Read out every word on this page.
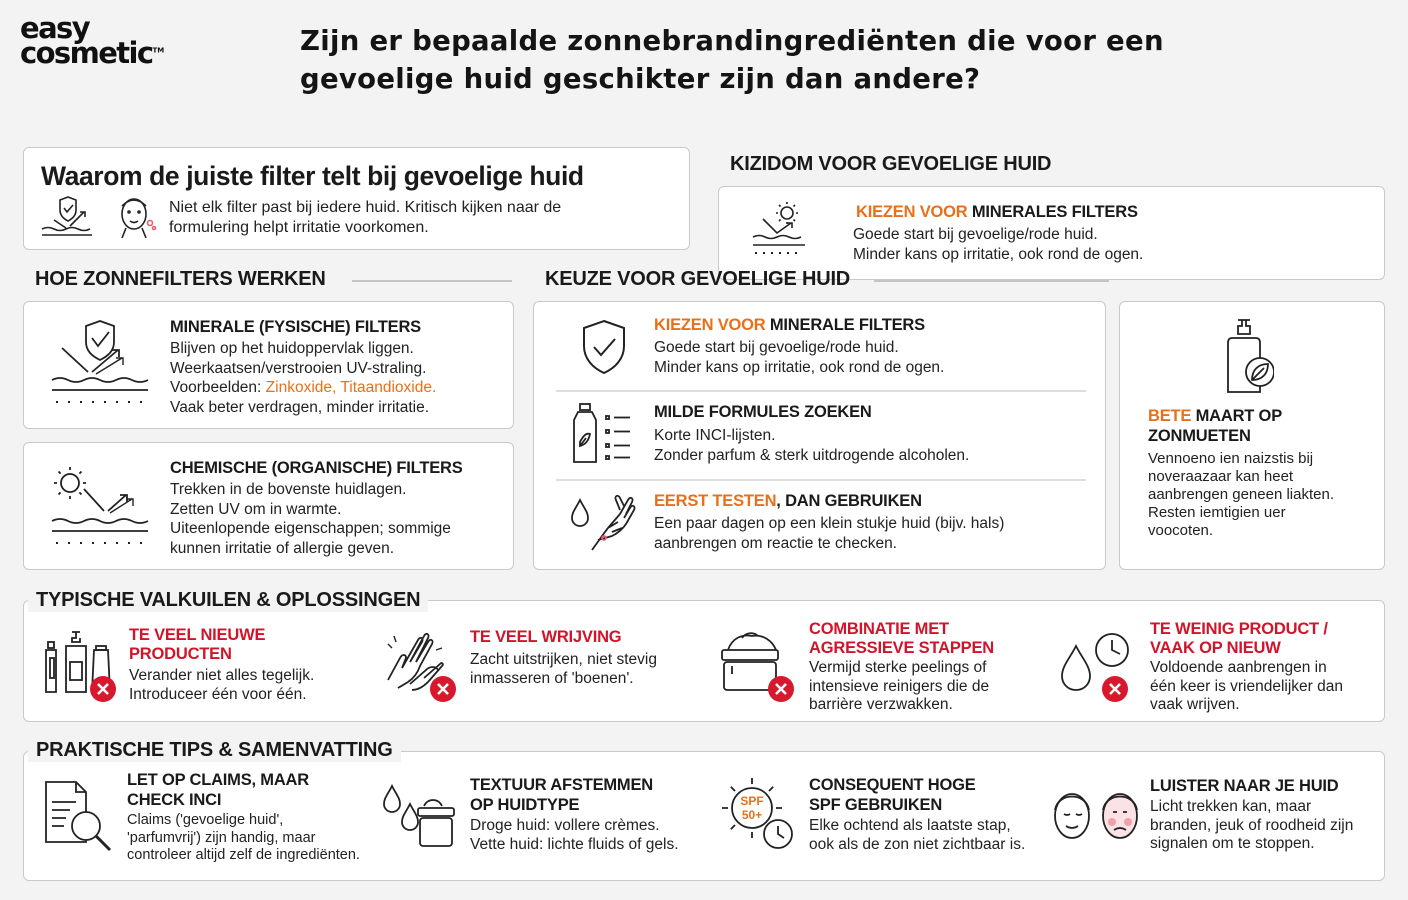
easy
cosmetic™	Zijn er bepaalde zonnebrandingrediënten die voor een
gevoelige huid geschikter zijn dan andere?
Waarom de juiste filter telt bij gevoelige huid
Niet elk filter past bij iedere huid. Kritisch kijken naar de
formulering helpt irritatie voorkomen.
KIZIDOM VOOR GEVOELIGE HUID
KIEZEN VOOR MINERALES FILTERS
Goede start bij gevoelige/rode huid.
Minder kans op irritatie, ook rond de ogen.
HOE ZONNEFILTERS WERKEN
MINERALE (FYSISCHE) FILTERS
Blijven op het huidoppervlak liggen.
Weerkaatsen/verstrooien UV-straling.
Voorbeelden: Zinkoxide, Titaandioxide.
Vaak beter verdragen, minder irritatie.
CHEMISCHE (ORGANISCHE) FILTERS
Trekken in de bovenste huidlagen.
Zetten UV om in warmte.
Uiteenlopende eigenschappen; sommige
kunnen irritatie of allergie geven.
KEUZE VOOR GEVOELIGE HUID
KIEZEN VOOR MINERALE FILTERS
Goede start bij gevoelige/rode huid.
Minder kans op irritatie, ook rond de ogen.
MILDE FORMULES ZOEKEN
Korte INCI-lijsten.
Zonder parfum & sterk uitdrogende alcoholen.
EERST TESTEN, DAN GEBRUIKEN
Een paar dagen op een klein stukje huid (bijv. hals)
aanbrengen om reactie te checken.
BETE MAART OP
ZONMUETEN
Vennoeno ien naizstis bij
noveraazaar kan heet
aanbrengen geneen liakten.
Resten iemtigien uer
voocoten.
TYPISCHE VALKUILEN & OPLOSSINGEN
TE VEEL NIEUWE
PRODUCTEN
Verander niet alles tegelijk.
Introduceer één voor één.
TE VEEL WRIJVING
Zacht uitstrijken, niet stevig
inmasseren of 'boenen'.
COMBINATIE MET
AGRESSIEVE STAPPEN
Vermijd sterke peelings of
intensieve reinigers die de
barrière verzwakken.
TE WEINIG PRODUCT /
VAAK OP NIEUW
Voldoende aanbrengen in
één keer is vriendelijker dan
vaak wrijven.
PRAKTISCHE TIPS & SAMENVATTING
LET OP CLAIMS, MAAR
CHECK INCI
Claims ('gevoelige huid',
'parfumvrij') zijn handig, maar
controleer altijd zelf de ingrediënten.
TEXTUUR AFSTEMMEN
OP HUIDTYPE
Droge huid: vollere crèmes.
Vette huid: lichte fluids of gels.
SPF
50+
CONSEQUENT HOGE
SPF GEBRUIKEN
Elke ochtend als laatste stap,
ook als de zon niet zichtbaar is.
LUISTER NAAR JE HUID
Licht trekken kan, maar
branden, jeuk of roodheid zijn
signalen om te stoppen.
